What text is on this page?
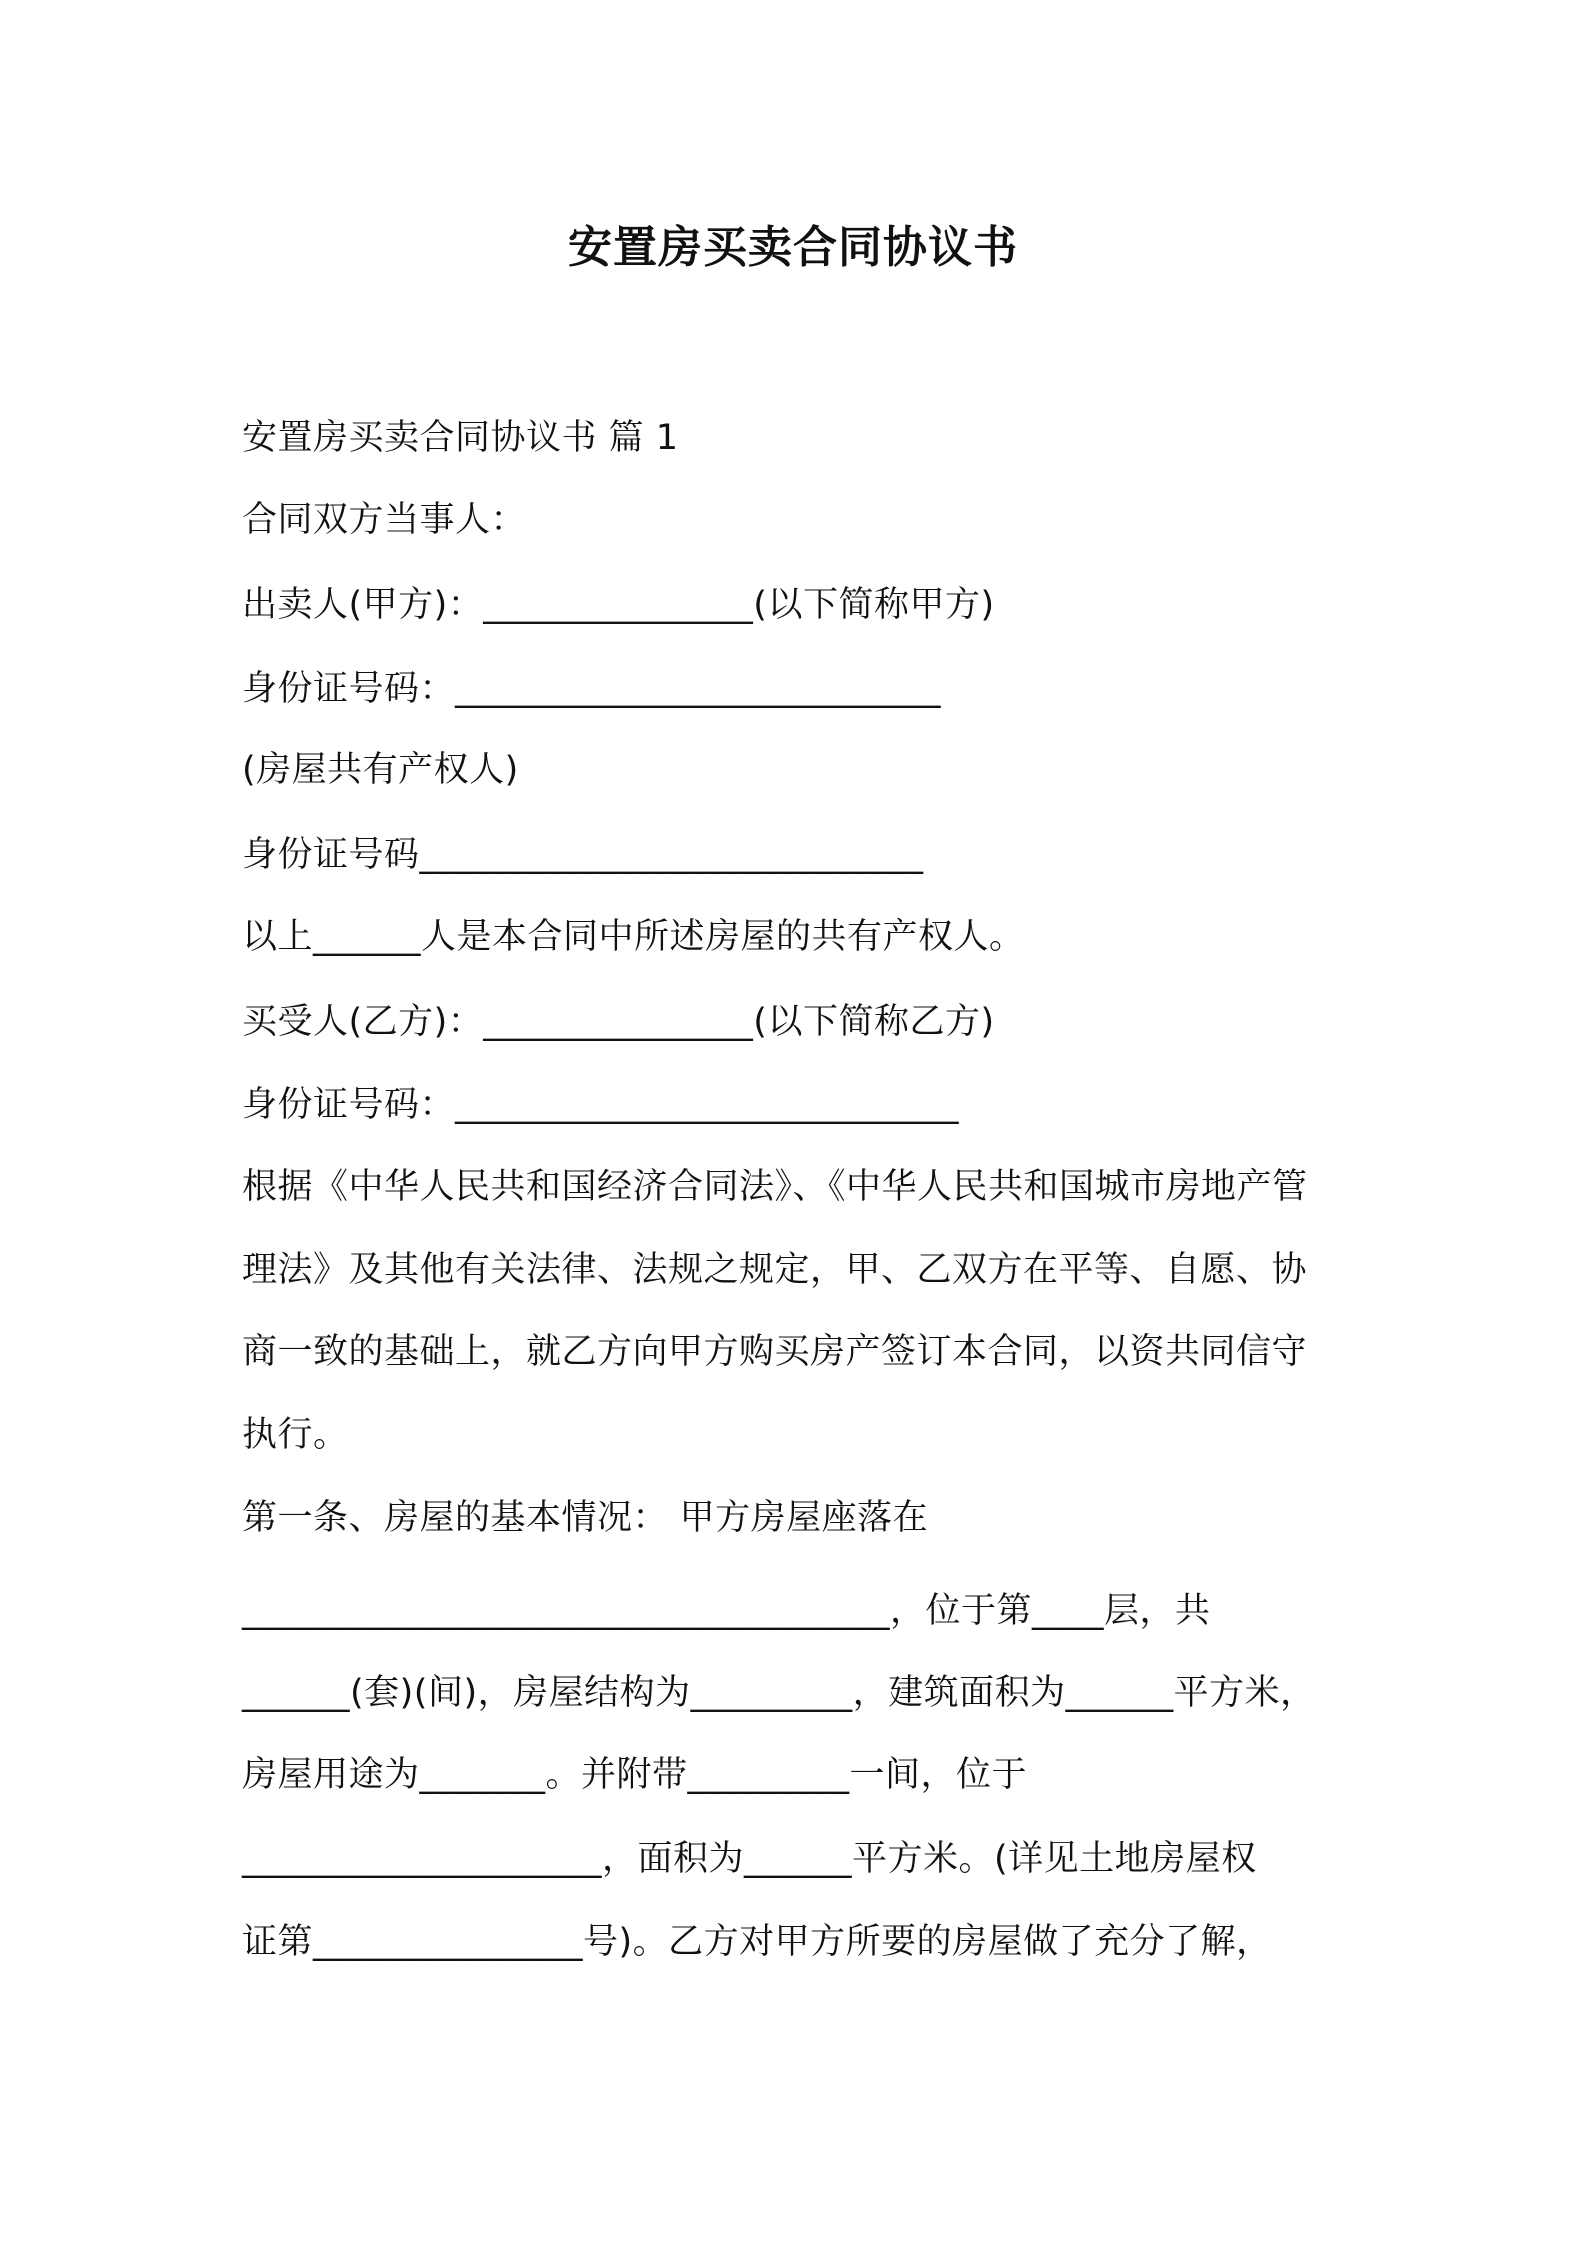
安置房买卖合同协议书
安置房买卖合同协议书 篇 1
合同双方当事人：
出卖人(甲方)：_______________(以下简称甲方)
身份证号码：___________________________
(房屋共有产权人)
身份证号码____________________________
以上______人是本合同中所述房屋的共有产权人。
买受人(乙方)：_______________(以下简称乙方)
身份证号码：____________________________
根据《中华人民共和国经济合同法》、《中华人民共和国城市房地产管
理法》及其他有关法律、法规之规定，甲、乙双方在平等、自愿、协
商一致的基础上，就乙方向甲方购买房产签订本合同，以资共同信守
执行。
第一条、房屋的基本情况： 甲方房屋座落在
____________________________________，位于第____层，共
______(套)(间)，房屋结构为_________，建筑面积为______平方米，
房屋用途为_______。并附带_________一间，位于
____________________，面积为______平方米。(详见土地房屋权
证第_______________号)。乙方对甲方所要的房屋做了充分了解，
